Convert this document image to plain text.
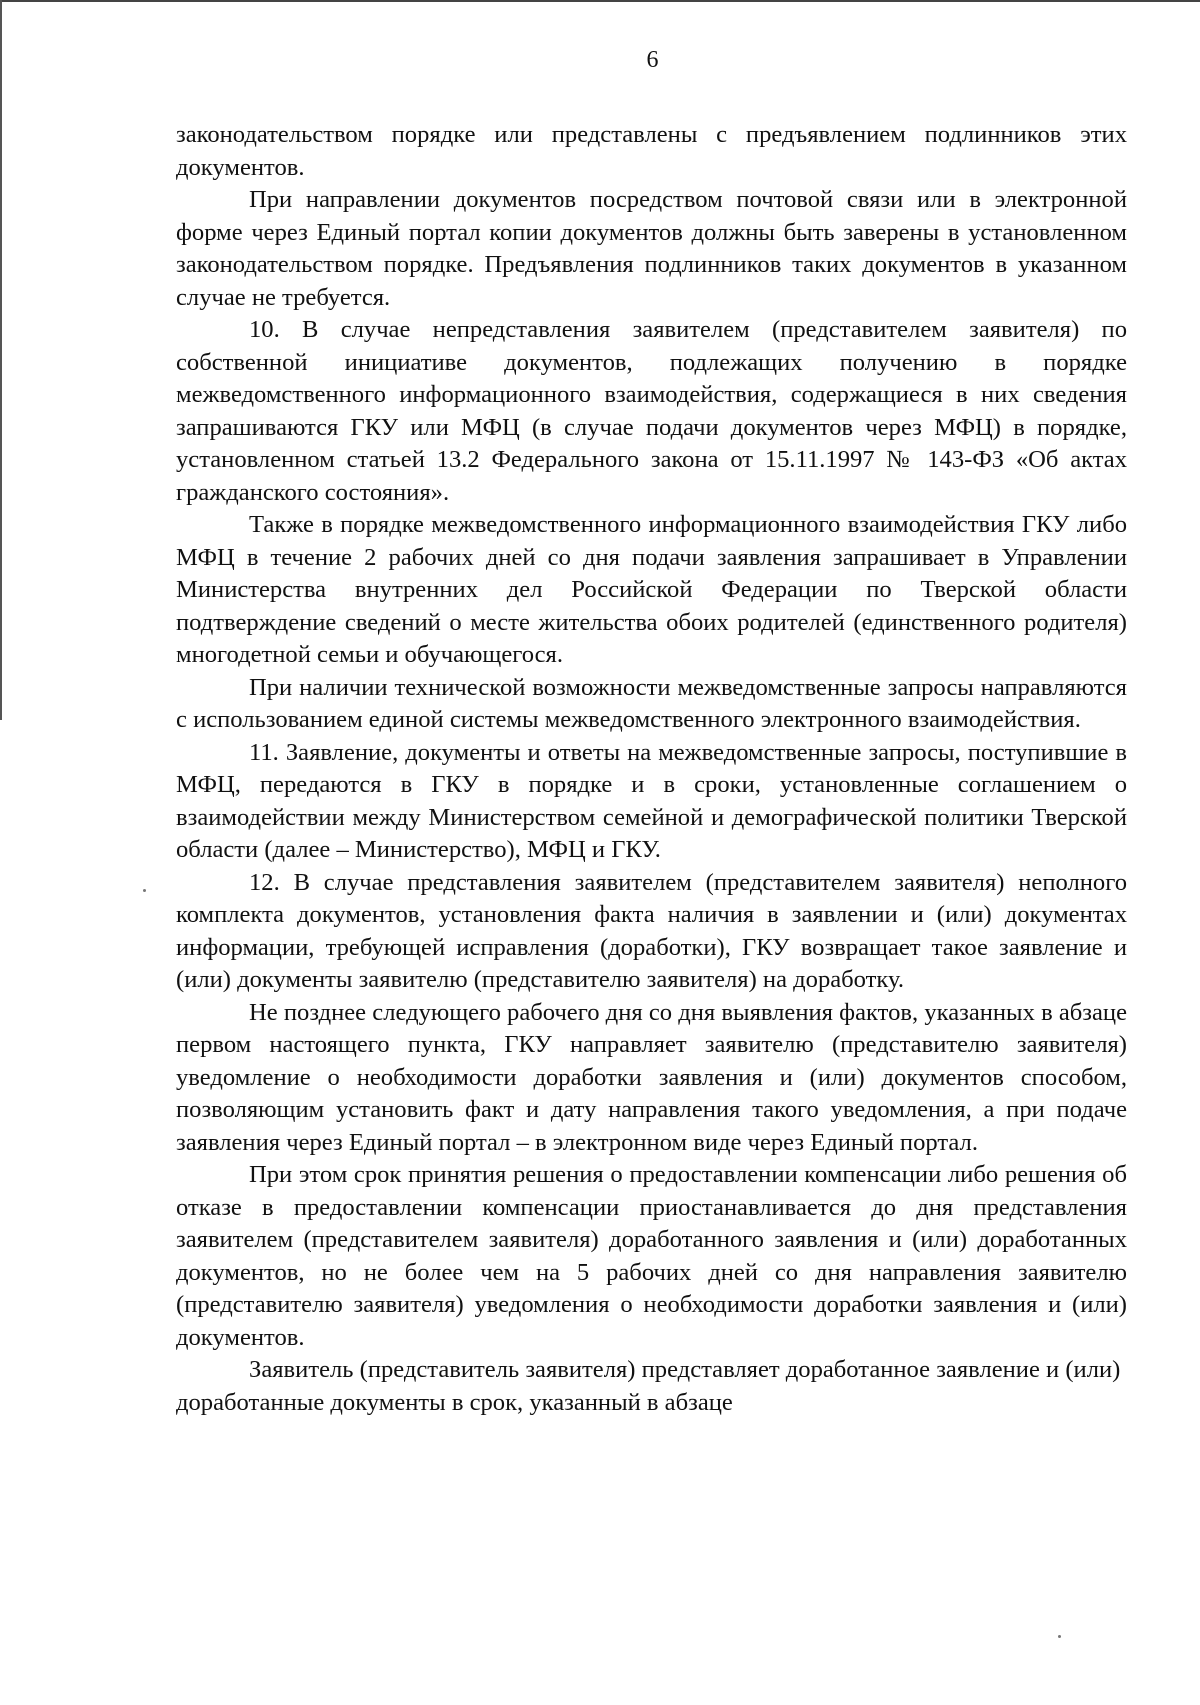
6

законодательством порядке или представлены с предъявлением подлинников этих документов.

При направлении документов посредством почтовой связи или в электронной форме через Единый портал копии документов должны быть заверены в установленном законодательством порядке. Предъявления подлинников таких документов в указанном случае не требуется.

10. В случае непредставления заявителем (представителем заявителя) по собственной инициативе документов, подлежащих получению в порядке межведомственного информационного взаимодействия, содержащиеся в них сведения запрашиваются ГКУ или МФЦ (в случае подачи документов через МФЦ) в порядке, установленном статьей 13.2 Федерального закона от 15.11.1997 № 143-ФЗ «Об актах гражданского состояния».

Также в порядке межведомственного информационного взаимодействия ГКУ либо МФЦ в течение 2 рабочих дней со дня подачи заявления запрашивает в Управлении Министерства внутренних дел Российской Федерации по Тверской области подтверждение сведений о месте жительства обоих родителей (единственного родителя) многодетной семьи и обучающегося.

При наличии технической возможности межведомственные запросы направляются с использованием единой системы межведомственного электронного взаимодействия.

11. Заявление, документы и ответы на межведомственные запросы, поступившие в МФЦ, передаются в ГКУ в порядке и в сроки, установленные соглашением о взаимодействии между Министерством семейной и демографической политики Тверской области (далее – Министерство), МФЦ и ГКУ.

12. В случае представления заявителем (представителем заявителя) неполного комплекта документов, установления факта наличия в заявлении и (или) документах информации, требующей исправления (доработки), ГКУ возвращает такое заявление и (или) документы заявителю (представителю заявителя) на доработку.

Не позднее следующего рабочего дня со дня выявления фактов, указанных в абзаце первом настоящего пункта, ГКУ направляет заявителю (представителю заявителя) уведомление о необходимости доработки заявления и (или) документов способом, позволяющим установить факт и дату направления такого уведомления, а при подаче заявления через Единый портал – в электронном виде через Единый портал.

При этом срок принятия решения о предоставлении компенсации либо решения об отказе в предоставлении компенсации приостанавливается до дня представления заявителем (представителем заявителя) доработанного заявления и (или) доработанных документов, но не более чем на 5 рабочих дней со дня направления заявителю (представителю заявителя) уведомления о необходимости доработки заявления и (или) документов.

Заявитель (представитель заявителя) представляет доработанное заявление и (или) доработанные документы в срок, указанный в абзаце
